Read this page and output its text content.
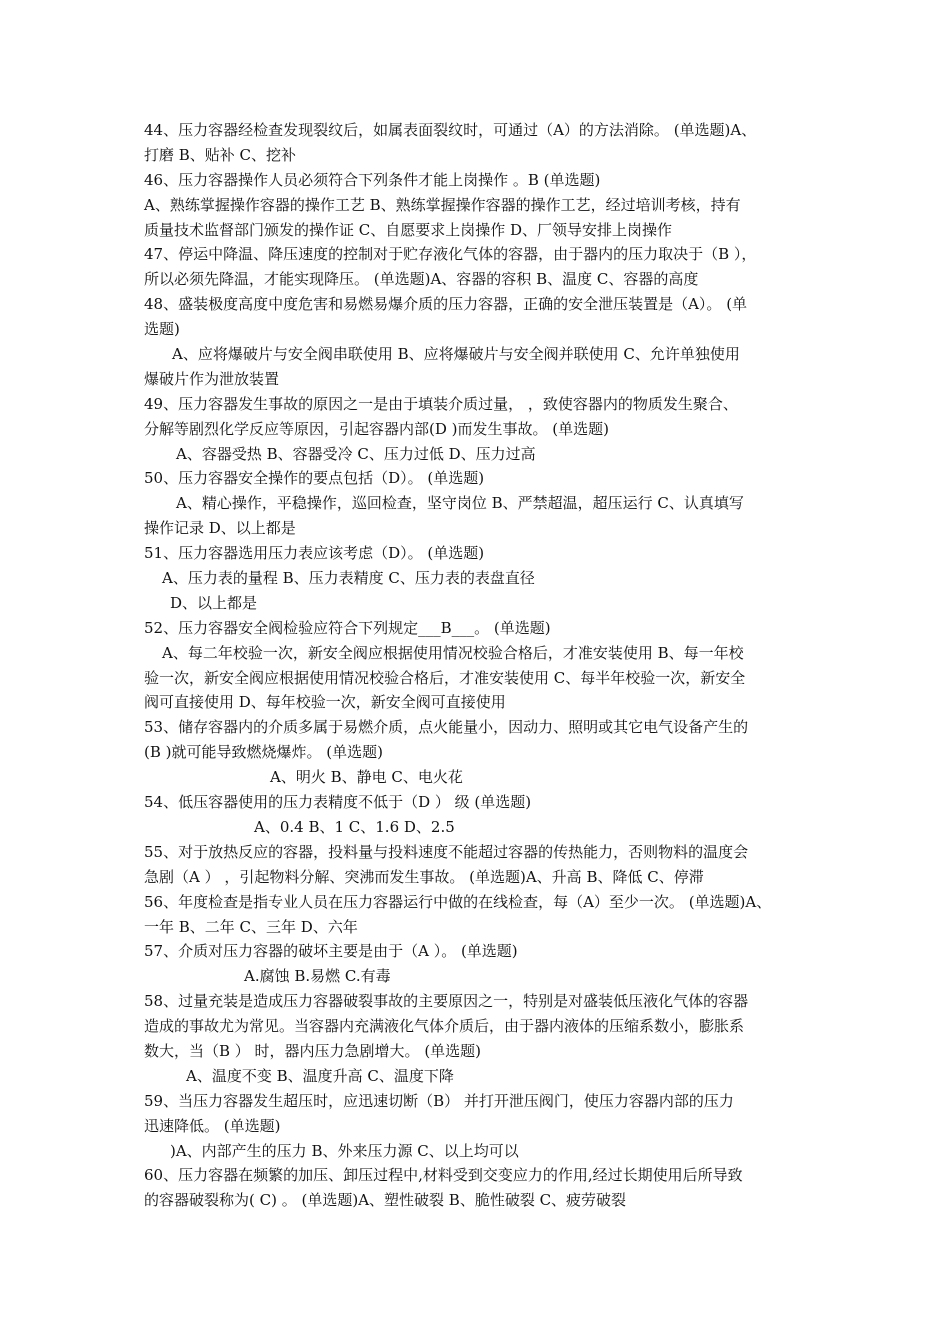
44、压力容器经检查发现裂纹后，如属表面裂纹时，可通过（A）的方法消除。 (单选题)A、
打磨 B、贴补 C、挖补
46、压力容器操作人员必须符合下列条件才能上岗操作 。B (单选题)
A、熟练掌握操作容器的操作工艺 B、熟练掌握操作容器的操作工艺，经过培训考核，持有
质量技术监督部门颁发的操作证 C、自愿要求上岗操作 D、厂领导安排上岗操作
47、停运中降温、降压速度的控制对于贮存液化气体的容器，由于器内的压力取决于（B ），
所以必须先降温，才能实现降压。 (单选题)A、容器的容积 B、温度 C、容器的高度
48、盛装极度高度中度危害和易燃易爆介质的压力容器，正确的安全泄压装置是（A）。 (单
选题)
A、应将爆破片与安全阀串联使用 B、应将爆破片与安全阀并联使用 C、允许单独使用
爆破片作为泄放装置
49、压力容器发生事故的原因之一是由于填装介质过量， ，致使容器内的物质发生聚合、
分解等剧烈化学反应等原因，引起容器内部(D )而发生事故。 (单选题)
A、容器受热 B、容器受冷 C、压力过低 D、压力过高
50、压力容器安全操作的要点包括（D）。 (单选题)
A、精心操作，平稳操作，巡回检查，坚守岗位 B、严禁超温，超压运行 C、认真填写
操作记录 D、以上都是
51、压力容器选用压力表应该考虑（D）。 (单选题)
A、压力表的量程 B、压力表精度 C、压力表的表盘直径
D、以上都是
52、压力容器安全阀检验应符合下列规定___B___。 (单选题)
A、每二年校验一次，新安全阀应根据使用情况校验合格后，才准安装使用 B、每一年校
验一次，新安全阀应根据使用情况校验合格后，才准安装使用 C、每半年校验一次，新安全
阀可直接使用 D、每年校验一次，新安全阀可直接使用
53、储存容器内的介质多属于易燃介质，点火能量小，因动力、照明或其它电气设备产生的
(B )就可能导致燃烧爆炸。 (单选题)
A、明火 B、静电 C、电火花
54、低压容器使用的压力表精度不低于（D ） 级 (单选题)
A、0.4 B、1 C、1.6 D、2.5
55、对于放热反应的容器，投料量与投料速度不能超过容器的传热能力，否则物料的温度会
急剧（A ） ，引起物料分解、突沸而发生事故。 (单选题)A、升高 B、降低 C、停滞
56、年度检查是指专业人员在压力容器运行中做的在线检查，每（A）至少一次。 (单选题)A、
一年 B、二年 C、三年 D、六年
57、介质对压力容器的破坏主要是由于（A ）。 (单选题)
A.腐蚀 B.易燃 C.有毒
58、过量充装是造成压力容器破裂事故的主要原因之一，特别是对盛装低压液化气体的容器
造成的事故尤为常见。当容器内充满液化气体介质后，由于器内液体的压缩系数小，膨胀系
数大，当（B ） 时，器内压力急剧增大。 (单选题)
A、温度不变 B、温度升高 C、温度下降
59、当压力容器发生超压时，应迅速切断（B） 并打开泄压阀门，使压力容器内部的压力
迅速降低。 (单选题)
)A、内部产生的压力 B、外来压力源 C、以上均可以
60、压力容器在频繁的加压、卸压过程中,材料受到交变应力的作用,经过长期使用后所导致
的容器破裂称为( C) 。 (单选题)A、塑性破裂 B、脆性破裂 C、疲劳破裂
